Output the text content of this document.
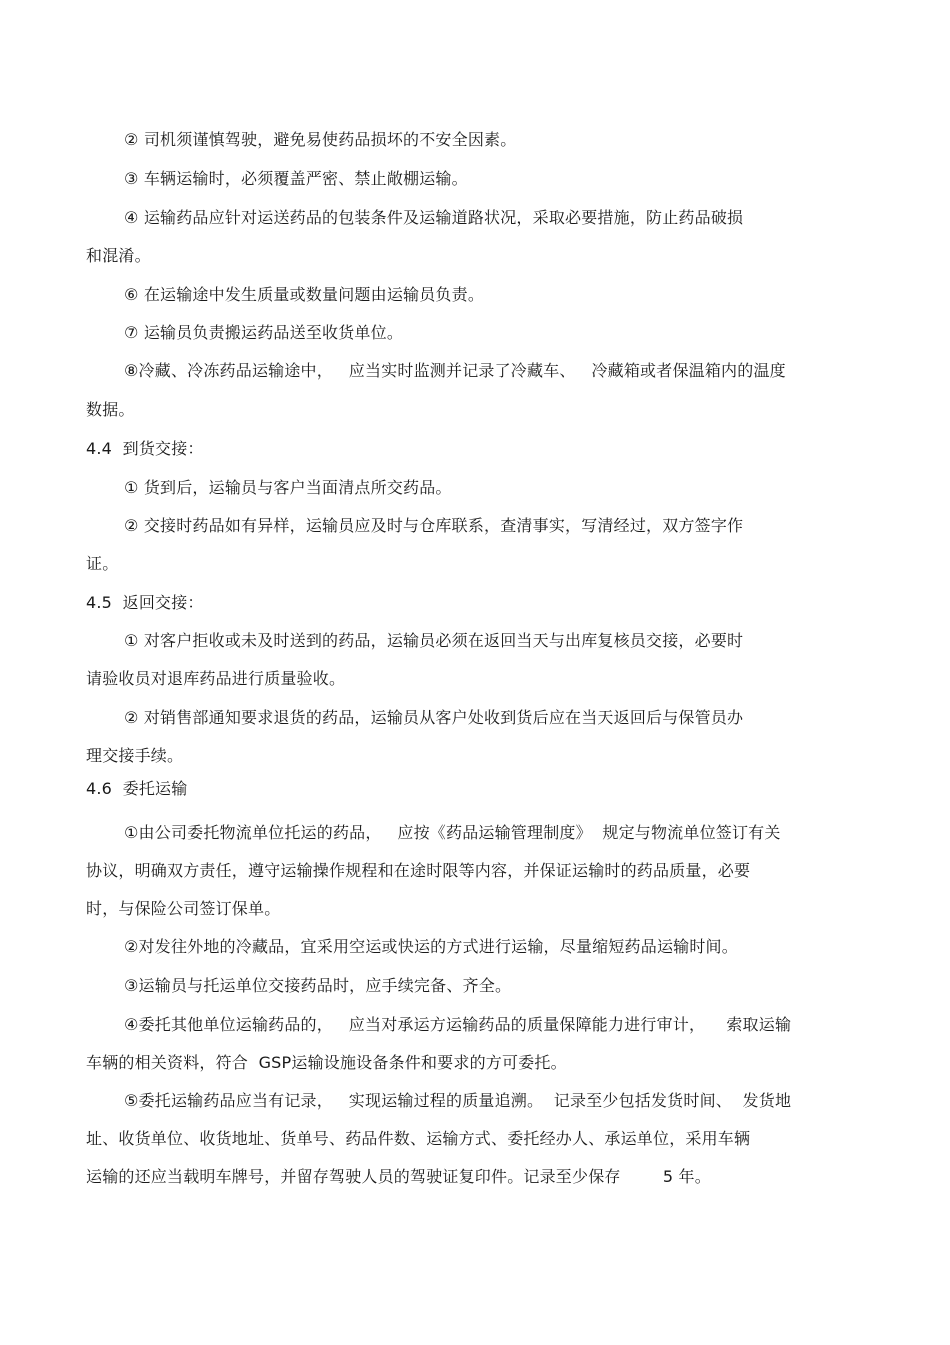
② 司机须谨慎驾驶，避免易使药品损坏的不安全因素。
③ 车辆运输时，必须覆盖严密、禁止敞棚运输。
④ 运输药品应针对运送药品的包装条件及运输道路状况，采取必要措施，防止药品破损
和混淆。
⑥ 在运输途中发生质量或数量问题由运输员负责。
⑦ 运输员负责搬运药品送至收货单位。
⑧冷藏、冷冻药品运输途中，   应当实时监测并记录了冷藏车、   冷藏箱或者保温箱内的温度
数据。
4.4  到货交接：
① 货到后，运输员与客户当面清点所交药品。
② 交接时药品如有异样，运输员应及时与仓库联系，查清事实，写清经过，双方签字作
证。
4.5  返回交接：
① 对客户拒收或未及时送到的药品，运输员必须在返回当天与出库复核员交接，必要时
请验收员对退库药品进行质量验收。
② 对销售部通知要求退货的药品，运输员从客户处收到货后应在当天返回后与保管员办
理交接手续。
4.6  委托运输
①由公司委托物流单位托运的药品，   应按《药品运输管理制度》  规定与物流单位签订有关
协议，明确双方责任，遵守运输操作规程和在途时限等内容，并保证运输时的药品质量，必要
时，与保险公司签订保单。
②对发往外地的冷藏品，宜采用空运或快运的方式进行运输，尽量缩短药品运输时间。
③运输员与托运单位交接药品时，应手续完备、齐全。
④委托其他单位运输药品的，   应当对承运方运输药品的质量保障能力进行审计，    索取运输
车辆的相关资料，符合  GSP运输设施设备条件和要求的方可委托。
⑤委托运输药品应当有记录，   实现运输过程的质量追溯。  记录至少包括发货时间、  发货地
址、收货单位、收货地址、货单号、药品件数、运输方式、委托经办人、承运单位，采用车辆
运输的还应当载明车牌号，并留存驾驶人员的驾驶证复印件。记录至少保存        5 年。
